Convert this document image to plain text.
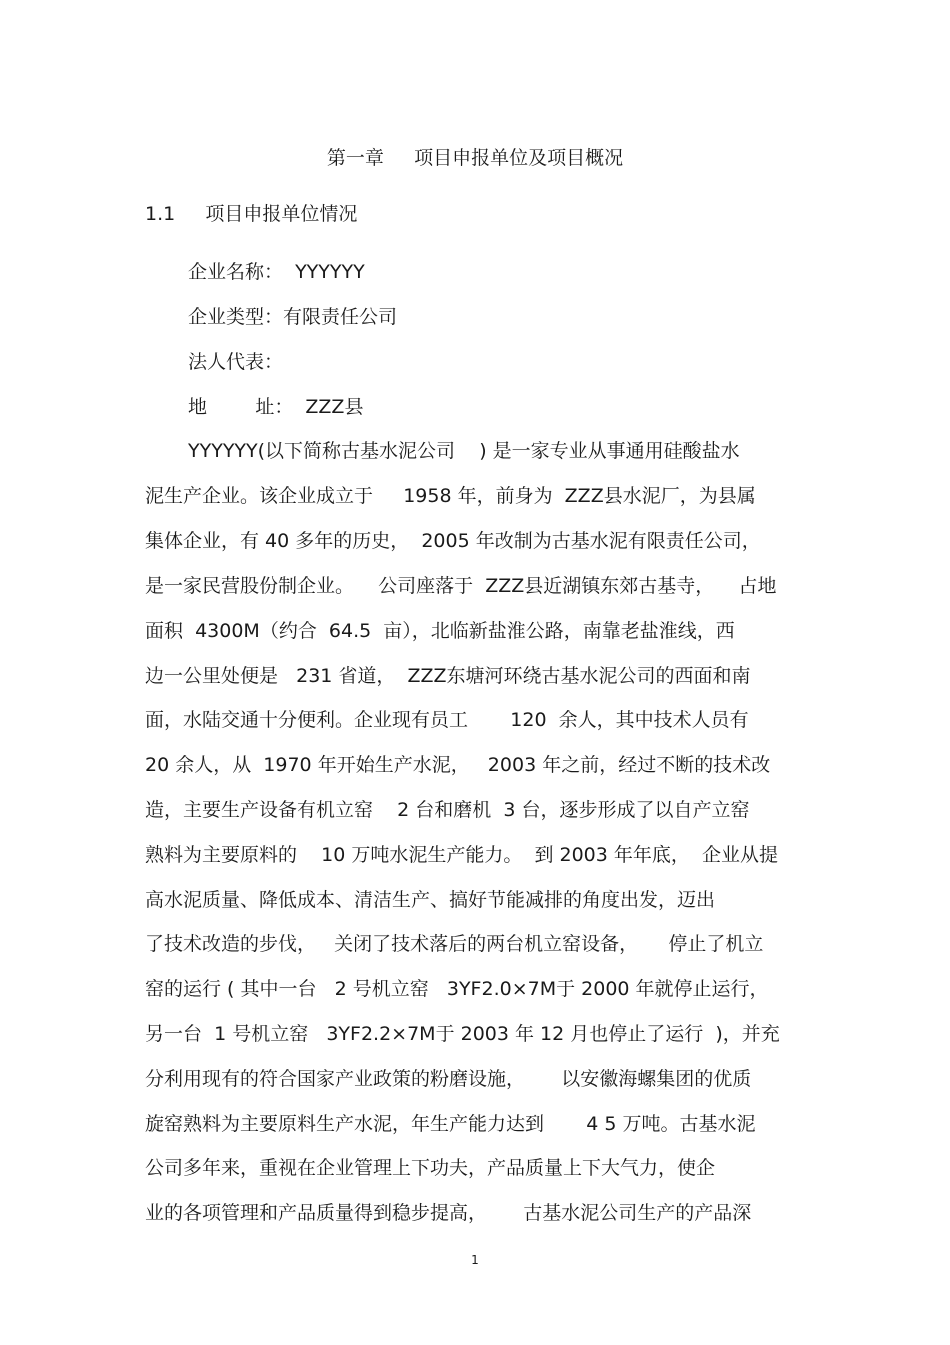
第一章     项目申报单位及项目概况
1.1     项目申报单位情况
企业名称：  YYYYYY
企业类型：有限责任公司
法人代表：
地        址：  ZZZ县
YYYYYY(以下简称古基水泥公司    ) 是一家专业从事通用硅酸盐水
泥生产企业。该企业成立于     1958 年，前身为  ZZZ县水泥厂，为县属
集体企业，有 40 多年的历史，  2005 年改制为古基水泥有限责任公司，
是一家民营股份制企业。    公司座落于  ZZZ县近湖镇东郊古基寺，    占地
面积  4300M（约合  64.5  亩），北临新盐淮公路，南靠老盐淮线，西
边一公里处便是   231 省道，  ZZZ东塘河环绕古基水泥公司的西面和南
面，水陆交通十分便利。企业现有员工       120  余人，其中技术人员有
20 余人，从  1970 年开始生产水泥，   2003 年之前，经过不断的技术改
造，主要生产设备有机立窑    2 台和磨机  3 台，逐步形成了以自产立窑
熟料为主要原料的    10 万吨水泥生产能力。  到 2003 年年底，  企业从提
高水泥质量、降低成本、清洁生产、搞好节能减排的角度出发，迈出
了技术改造的步伐，   关闭了技术落后的两台机立窑设备，     停止了机立
窑的运行 ( 其中一台   2 号机立窑   3YF2.0×7M于 2000 年就停止运行，
另一台  1 号机立窑   3YF2.2×7M于 2003 年 12 月也停止了运行  )，并充
分利用现有的符合国家产业政策的粉磨设施，      以安徽海螺集团的优质
旋窑熟料为主要原料生产水泥，年生产能力达到       4 5 万吨。古基水泥
公司多年来，重视在企业管理上下功夫，产品质量上下大气力，使企
业的各项管理和产品质量得到稳步提高，      古基水泥公司生产的产品深
1
